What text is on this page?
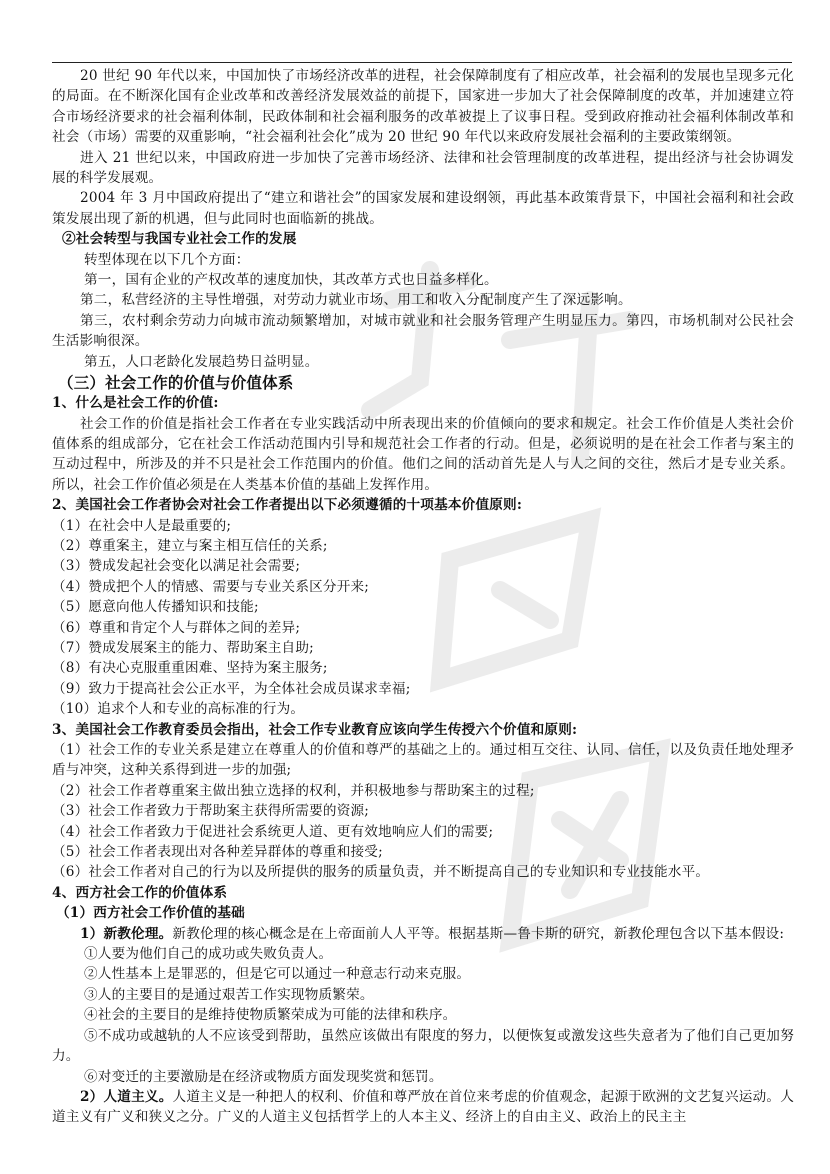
20 世纪 90 年代以来，中国加快了市场经济改革的进程，社会保障制度有了相应改革，社会福利的发展也呈现多元化的局面。在不断深化国有企业改革和改善经济发展效益的前提下，国家进一步加大了社会保障制度的改革，并加速建立符合市场经济要求的社会福利体制，民政体制和社会福利服务的改革被提上了议事日程。受到政府推动社会福利体制改革和社会（市场）需要的双重影响，“社会福利社会化”成为 20 世纪 90 年代以来政府发展社会福利的主要政策纲领。

进入 21 世纪以来，中国政府进一步加快了完善市场经济、法律和社会管理制度的改革进程，提出经济与社会协调发展的科学发展观。

2004 年 3 月中国政府提出了“建立和谐社会”的国家发展和建设纲领，再此基本政策背景下，中国社会福利和社会政策发展出现了新的机遇，但与此同时也面临新的挑战。

②社会转型与我国专业社会工作的发展

转型体现在以下几个方面：

第一，国有企业的产权改革的速度加快，其改革方式也日益多样化。

第二，私营经济的主导性增强，对劳动力就业市场、用工和收入分配制度产生了深远影响。

第三，农村剩余劳动力向城市流动频繁增加，对城市就业和社会服务管理产生明显压力。第四，市场机制对公民社会生活影响很深。

第五，人口老龄化发展趋势日益明显。

（三）社会工作的价值与价值体系

1、什么是社会工作的价值:

社会工作的价值是指社会工作者在专业实践活动中所表现出来的价值倾向的要求和规定。社会工作价值是人类社会价值体系的组成部分，它在社会工作活动范围内引导和规范社会工作者的行动。但是，必须说明的是在社会工作者与案主的互动过程中，所涉及的并不只是社会工作范围内的价值。他们之间的活动首先是人与人之间的交往，然后才是专业关系。所以，社会工作价值必须是在人类基本价值的基础上发挥作用。

2、美国社会工作者协会对社会工作者提出以下必须遵循的十项基本价值原则:

（1）在社会中人是最重要的;

（2）尊重案主，建立与案主相互信任的关系;

（3）赞成发起社会变化以满足社会需要;

（4）赞成把个人的情感、需要与专业关系区分开来;

（5）愿意向他人传播知识和技能;

（6）尊重和肯定个人与群体之间的差异;

（7）赞成发展案主的能力、帮助案主自助;

（8）有决心克服重重困难、坚持为案主服务;

（9）致力于提高社会公正水平，为全体社会成员谋求幸福;

（10）追求个人和专业的高标准的行为。

3、美国社会工作教育委员会指出，社会工作专业教育应该向学生传授六个价值和原则:

（1）社会工作的专业关系是建立在尊重人的价值和尊严的基础之上的。通过相互交往、认同、信任，以及负责任地处理矛盾与冲突，这种关系得到进一步的加强;

（2）社会工作者尊重案主做出独立选择的权利，并积极地参与帮助案主的过程;

（3）社会工作者致力于帮助案主获得所需要的资源;

（4）社会工作者致力于促进社会系统更人道、更有效地响应人们的需要;

（5）社会工作者表现出对各种差异群体的尊重和接受;

（6）社会工作者对自己的行为以及所提供的服务的质量负责，并不断提高自己的专业知识和专业技能水平。

4、西方社会工作的价值体系

（1）西方社会工作价值的基础

1）新教伦理。新教伦理的核心概念是在上帝面前人人平等。根据基斯—鲁卡斯的研究，新教伦理包含以下基本假设:

①人要为他们自己的成功或失败负责人。

②人性基本上是罪恶的，但是它可以通过一种意志行动来克服。

③人的主要目的是通过艰苦工作实现物质繁荣。

④社会的主要目的是维持使物质繁荣成为可能的法律和秩序。

⑤不成功或越轨的人不应该受到帮助，虽然应该做出有限度的努力，以便恢复或激发这些失意者为了他们自己更加努力。

⑥对变迁的主要激励是在经济或物质方面发现奖赏和惩罚。

2）人道主义。人道主义是一种把人的权利、价值和尊严放在首位来考虑的价值观念，起源于欧洲的文艺复兴运动。人道主义有广义和狭义之分。广义的人道主义包括哲学上的人本主义、经济上的自由主义、政治上的民主主
